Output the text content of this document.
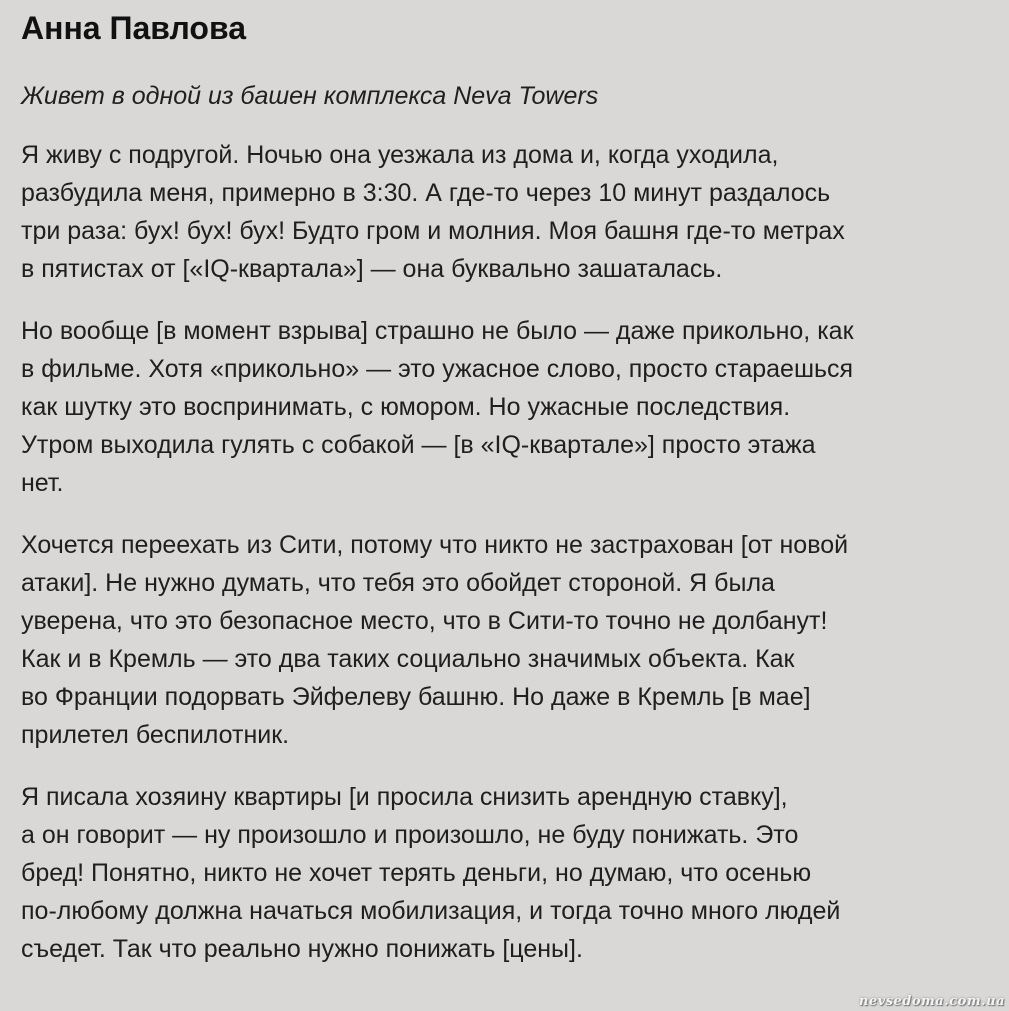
Анна Павлова

Живет в одной из башен комплекса Neva Towers

Я живу с подругой. Ночью она уезжала из дома и, когда уходила,
разбудила меня, примерно в 3:30. А где-то через 10 минут раздалось
три раза: бух! бух! бух! Будто гром и молния. Моя башня где-то метрах
в пятистах от [«IQ-квартала»] — она буквально зашаталась.

Но вообще [в момент взрыва] страшно не было — даже прикольно, как
в фильме. Хотя «прикольно» — это ужасное слово, просто стараешься
как шутку это воспринимать, с юмором. Но ужасные последствия.
Утром выходила гулять с собакой — [в «IQ-квартале»] просто этажа
нет.

Хочется переехать из Сити, потому что никто не застрахован [от новой
атаки]. Не нужно думать, что тебя это обойдет стороной. Я была
уверена, что это безопасное место, что в Сити-то точно не долбанут!
Как и в Кремль — это два таких социально значимых объекта. Как
во Франции подорвать Эйфелеву башню. Но даже в Кремль [в мае]
прилетел беспилотник.

Я писала хозяину квартиры [и просила снизить арендную ставку],
а он говорит — ну произошло и произошло, не буду понижать. Это
бред! Понятно, никто не хочет терять деньги, но думаю, что осенью
по-любому должна начаться мобилизация, и тогда точно много людей
съедет. Так что реально нужно понижать [цены].

nevsedoma.com.ua
